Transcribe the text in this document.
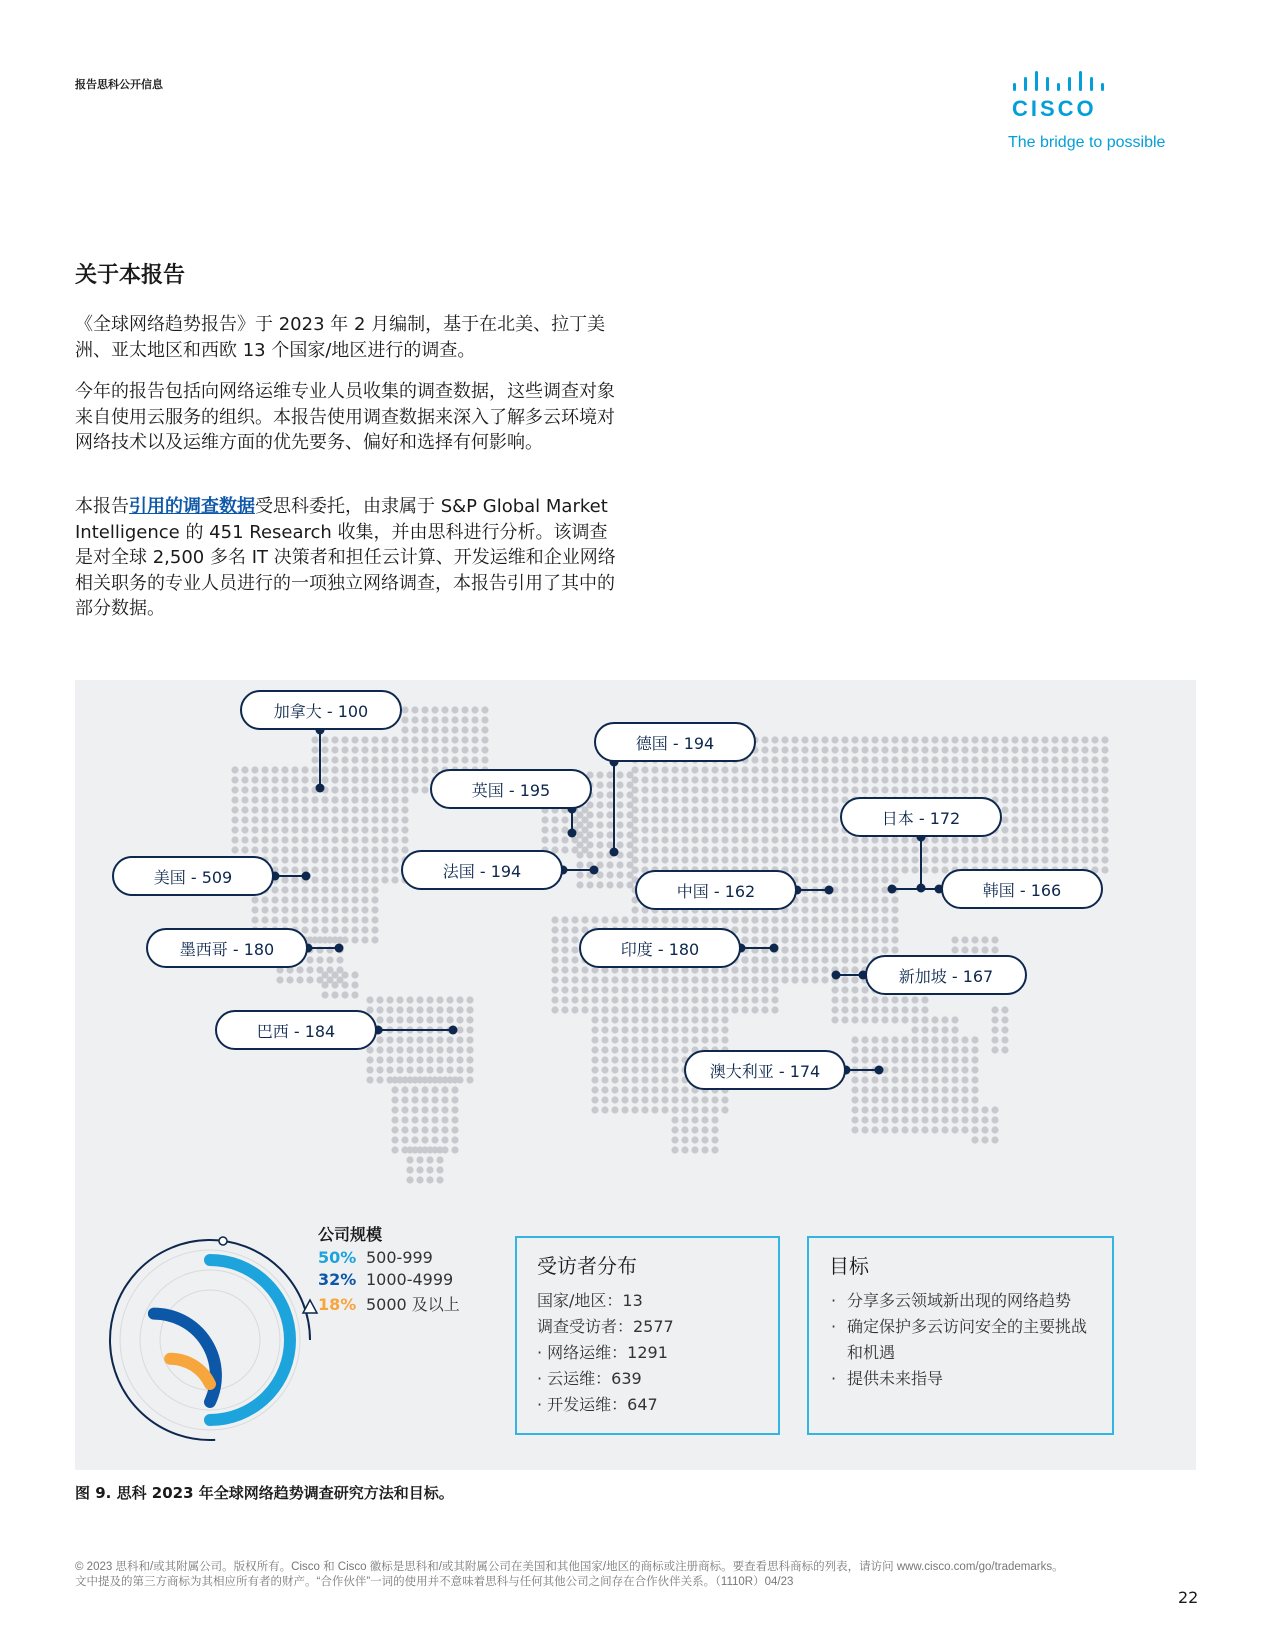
报告思科公开信息
CISCO
The bridge to possible
关于本报告
《全球网络趋势报告》于 2023 年 2 月编制，基于在北美、拉丁美洲、亚太地区和西欧 13 个国家/地区进行的调查。
今年的报告包括向网络运维专业人员收集的调查数据，这些调查对象来自使用云服务的组织。本报告使用调查数据来深入了解多云环境对网络技术以及运维方面的优先要务、偏好和选择有何影响。
本报告引用的调查数据受思科委托，由隶属于 S&P Global Market Intelligence 的 451 Research 收集，并由思科进行分析。该调查是对全球 2,500 多名 IT 决策者和担任云计算、开发运维和企业网络相关职务的专业人员进行的一项独立网络调查，本报告引用了其中的部分数据。
加拿大 - 100
美国 - 509
墨西哥 - 180
巴西 - 184
英国 - 195
法国 - 194
德国 - 194
中国 - 162
印度 - 180
日本 - 172
韩国 - 166
新加坡 - 167
澳大利亚 - 174
公司规模
50% 500-999
32% 1000-4999
18% 5000 及以上
受访者分布
国家/地区：13
调查受访者：2577
· 网络运维：1291
· 云运维：639
· 开发运维：647
目标
· 分享多云领域新出现的网络趋势
· 确定保护多云访问安全的主要挑战
和机遇
· 提供未来指导
图 9. 思科 2023 年全球网络趋势调查研究方法和目标。
© 2023 思科和/或其附属公司。版权所有。Cisco 和 Cisco 徽标是思科和/或其附属公司在美国和其他国家/地区的商标或注册商标。要查看思科商标的列表，请访问 www.cisco.com/go/trademarks。
文中提及的第三方商标为其相应所有者的财产。“合作伙伴”一词的使用并不意味着思科与任何其他公司之间存在合作伙伴关系。（1110R）04/23
22
